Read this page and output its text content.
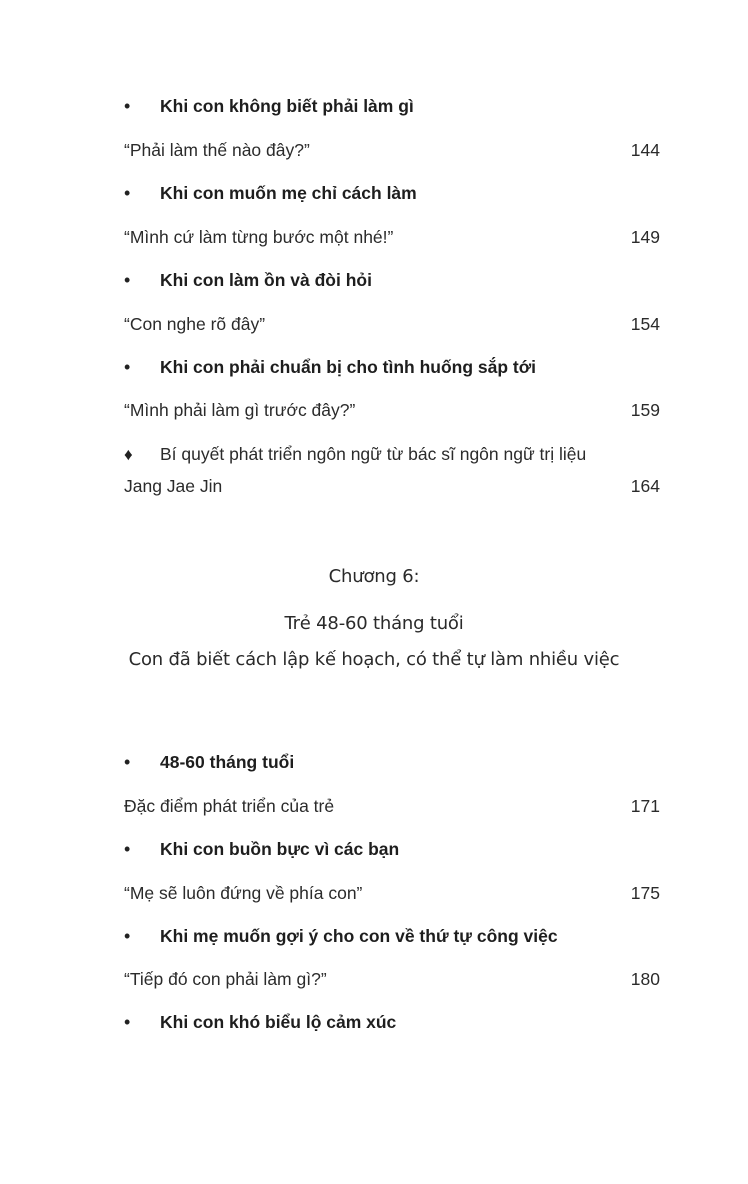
•	Khi con không biết phải làm gì
“Phải làm thế nào đây?”	144
•	Khi con muốn mẹ chỉ cách làm
“Mình cứ làm từng bước một nhé!”	149
•	Khi con làm ồn và đòi hỏi
“Con nghe rõ đây”	154
•	Khi con phải chuẩn bị cho tình huống sắp tới
“Mình phải làm gì trước đây?”	159
♦	Bí quyết phát triển ngôn ngữ từ bác sĩ ngôn ngữ trị liệu
Jang Jae Jin	164
Chương 6:
Trẻ 48-60 tháng tuổi
Con đã biết cách lập kế hoạch, có thể tự làm nhiều việc
•	48-60 tháng tuổi
Đặc điểm phát triển của trẻ	171
•	Khi con buồn bực vì các bạn
“Mẹ sẽ luôn đứng về phía con”	175
•	Khi mẹ muốn gợi ý cho con về thứ tự công việc
“Tiếp đó con phải làm gì?”	180
•	Khi con khó biểu lộ cảm xúc
